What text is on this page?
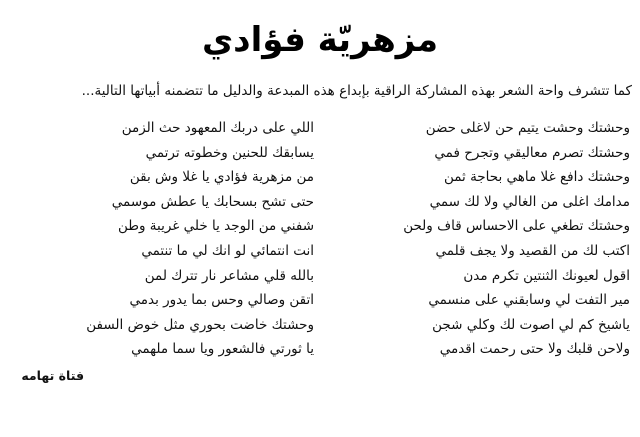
مزهريّة فؤادي
كما تتشرف واحة الشعر بهذه المشاركة الراقية بإبداع هذه المبدعة والدليل ما تتضمنه أبياتها التالية...
وحشتك وحشت يتيم حن لاغلى حضن
وحشتك تصرم معاليقي وتجرح فمي
وحشتك دافع غلا ماهي بحاجة ثمن
مدامك اغلى من الغالي ولا لك سمي
وحشتك تطغي على الاحساس قاف ولحن
اكتب لك من القصيد ولا يجف قلمي
اقول لعيونك الثنتين تكرم مدن
مير التفت لي وسابقني على منسمي
ياشيخ كم لي اصوت لك وكلي شجن
ولاحن قلبك ولا حتى رحمت اقدمي
اللي على دربك المعهود حث الزمن
يسابقك للحنين وخطوته ترتمي
من مزهرية فؤادي يا غلا وش بقن
حتى تشح بسحابك يا عطش موسمي
شفني من الوجد يا خلي غريبة وطن
انت انتمائي لو انك لي ما تنتمي
بالله قلي مشاعر نار تترك لمن
اتقن وصالي وحس بما يدور بدمي
وحشتك خاضت بحوري مثل خوض السفن
يا ثورتي فالشعور ويا سما ملهمي
فتاة تهامه
